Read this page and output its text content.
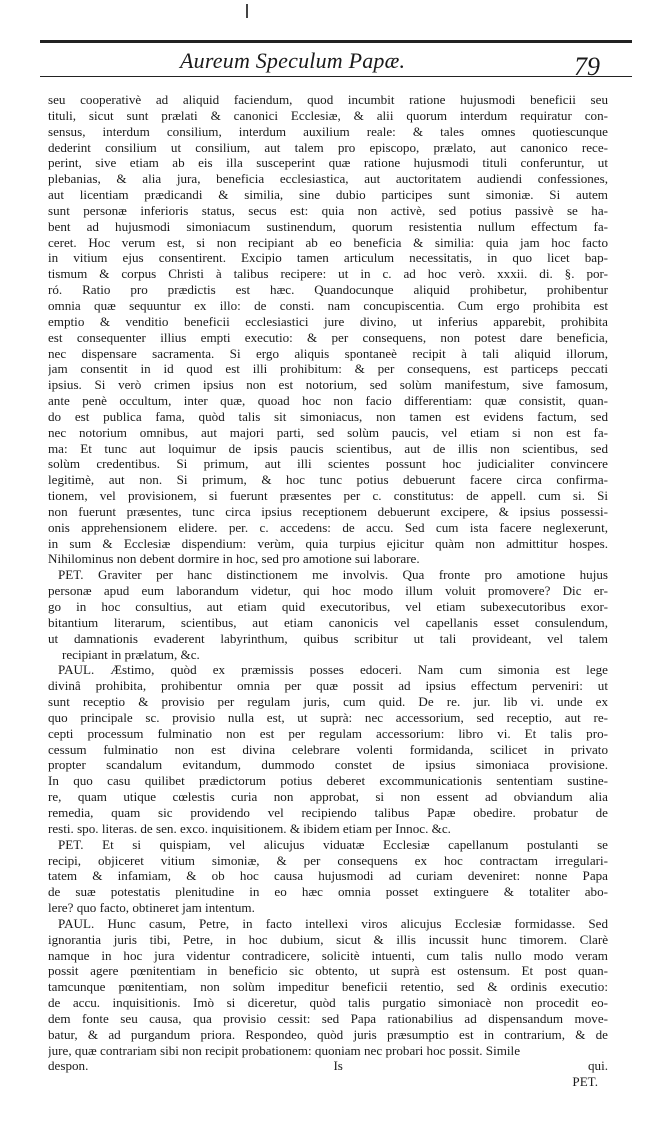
Aureum Speculum Papæ.	79
seu cooperativè ad aliquid faciendum, quod incumbit ratione hujusmodi beneficii seu
tituli, sicut sunt prælati & canonici Ecclesiæ, & alii quorum interdum requiratur con-
sensus, interdum consilium, interdum auxilium reale: & tales omnes quotiescunque
dederint consilium ut consilium, aut talem pro episcopo, prælato, aut canonico rece-
perint, sive etiam ab eis illa susceperint quæ ratione hujusmodi tituli conferuntur, ut
plebanias, & alia jura, beneficia ecclesiastica, aut auctoritatem audiendi confessiones,
aut licentiam prædicandi & similia, sine dubio participes sunt simoniæ. Si autem
sunt personæ inferioris status, secus est: quia non activè, sed potius passivè se ha-
bent ad hujusmodi simoniacum sustinendum, quorum resistentia nullum effectum fa-
ceret. Hoc verum est, si non recipiant ab eo beneficia & similia: quia jam hoc facto
in vitium ejus consentirent. Excipio tamen articulum necessitatis, in quo licet bap-
tismum & corpus Christi à talibus recipere: ut in c. ad hoc verò. xxxii. di. §. por-
ró. Ratio pro prædictis est hæc. Quandocunque aliquid prohibetur, prohibentur
omnia quæ sequuntur ex illo: de consti. nam concupiscentia. Cum ergo prohibita est
emptio & venditio beneficii ecclesiastici jure divino, ut inferius apparebit, prohibita
est consequenter illius empti executio: & per consequens, non potest dare beneficia,
nec dispensare sacramenta. Si ergo aliquis spontaneè recipit à tali aliquid illorum,
jam consentit in id quod est illi prohibitum: & per consequens, est particeps peccati
ipsius. Si verò crimen ipsius non est notorium, sed solùm manifestum, sive famosum,
ante penè occultum, inter quæ, quoad hoc non facio differentiam: quæ consistit, quan-
do est publica fama, quòd talis sit simoniacus, non tamen est evidens factum, sed
nec notorium omnibus, aut majori parti, sed solùm paucis, vel etiam si non est fa-
ma: Et tunc aut loquimur de ipsis paucis scientibus, aut de illis non scientibus, sed
solùm credentibus. Si primum, aut illi scientes possunt hoc judicialiter convincere
legitimè, aut non. Si primum, & hoc tunc potius debuerunt facere circa confirma-
tionem, vel provisionem, si fuerunt præsentes per c. constitutus: de appell. cum si. Si
non fuerunt præsentes, tunc circa ipsius receptionem debuerunt excipere, & ipsius possessi-
onis apprehensionem elidere. per. c. accedens: de accu. Sed cum ista facere neglexerunt,
in sum & Ecclesiæ dispendium: verùm, quia turpius ejicitur quàm non admittitur hospes.
Nihilominus non debent dormire in hoc, sed pro amotione sui laborare.
PET. Graviter per hanc distinctionem me involvis. Qua fronte pro amotione hujus
personæ apud eum laborandum videtur, qui hoc modo illum voluit promovere? Dic er-
go in hoc consultius, aut etiam quid executoribus, vel etiam subexecutoribus exor-
bitantium literarum, scientibus, aut etiam canonicis vel capellanis esset consulendum,
ut damnationis evaderent labyrinthum, quibus scribitur ut tali provideant, vel talem
recipiant in prælatum, &c.
PAUL. Æstimo, quòd ex præmissis posses edoceri. Nam cum simonia est lege
divinâ prohibita, prohibentur omnia per quæ possit ad ipsius effectum perveniri: ut
sunt receptio & provisio per regulam juris, cum quid. De re. jur. lib vi. unde ex
quo principale sc. provisio nulla est, ut suprà: nec accessorium, sed receptio, aut re-
cepti processum fulminatio non est per regulam accessorium: libro vi. Et talis pro-
cessum fulminatio non est divina celebrare volenti formidanda, scilicet in privato
propter scandalum evitandum, dummodo constet de ipsius simoniaca provisione.
In quo casu quilibet prædictorum potius deberet excommunicationis sententiam sustine-
re, quam utique cœlestis curia non approbat, si non essent ad obviandum alia
remedia, quam sic providendo vel recipiendo talibus Papæ obedire. probatur de
resti. spo. literas. de sen. exco. inquisitionem. & ibidem etiam per Innoc. &c.
PET. Et si quispiam, vel alicujus viduatæ Ecclesiæ capellanum postulanti se
recipi, objiceret vitium simoniæ, & per consequens ex hoc contractam irregulari-
tatem & infamiam, & ob hoc causa hujusmodi ad curiam deveniret: nonne Papa
de suæ potestatis plenitudine in eo hæc omnia posset extinguere & totaliter abo-
lere? quo facto, obtineret jam intentum.
PAUL. Hunc casum, Petre, in facto intellexi viros alicujus Ecclesiæ formidasse. Sed
ignorantia juris tibi, Petre, in hoc dubium, sicut & illis incussit hunc timorem. Clarè
namque in hoc jura videntur contradicere, solicitè intuenti, cum talis nullo modo veram
possit agere pœnitentiam in beneficio sic obtento, ut suprà est ostensum. Et post quan-
tamcunque pœnitentiam, non solùm impeditur beneficii retentio, sed & ordinis executio:
de accu. inquisitionis. Imò si diceretur, quòd talis purgatio simoniacè non procedit eo-
dem fonte seu causa, qua provisio cessit: sed Papa rationabilius ad dispensandum move-
batur, & ad purgandum priora. Respondeo, quòd juris præsumptio est in contrarium, & de
jure, quæ contrariam sibi non recipit probationem: quoniam nec probari hoc possit. Simile
despon. Is qui.
PET.
